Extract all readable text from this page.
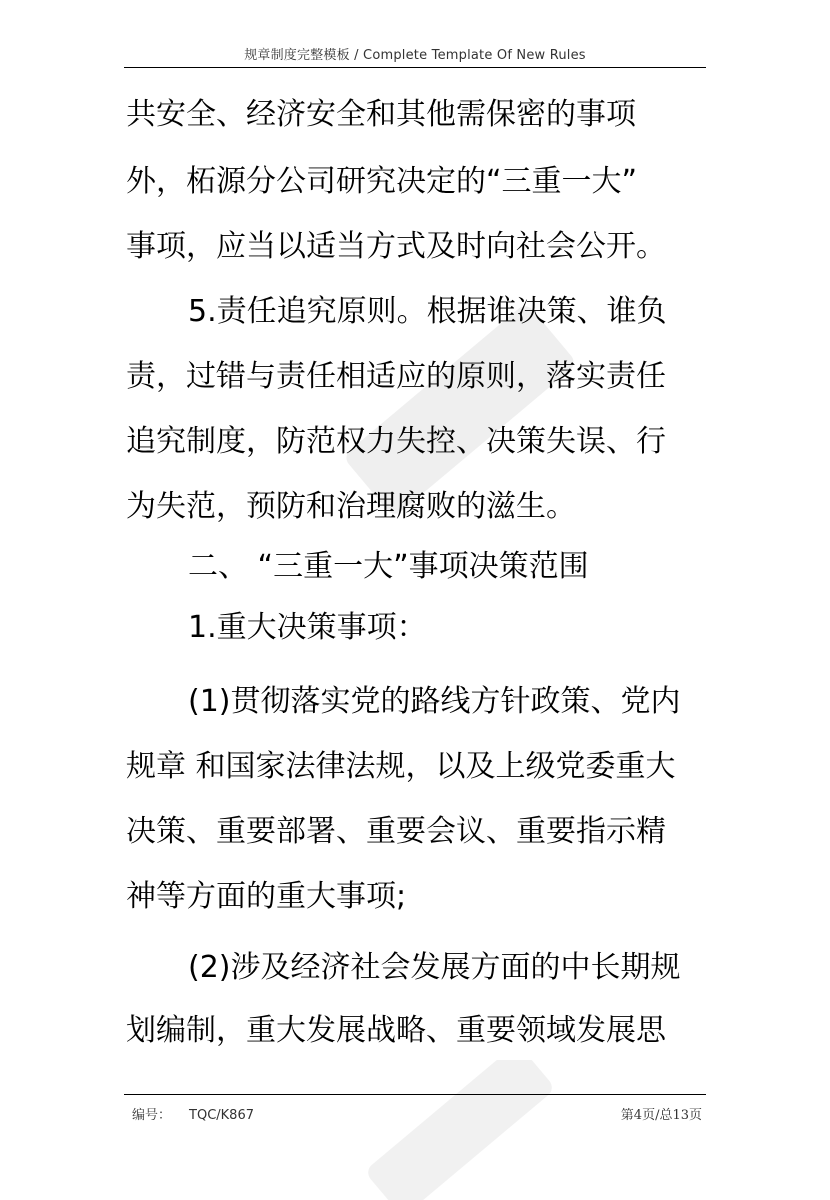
规章制度完整模板 / Complete Template Of New Rules
共安全、经济安全和其他需保密的事项
外，柘源分公司研究决定的“三重一大”
事项，应当以适当方式及时向社会公开。
5.责任追究原则。根据谁决策、谁负
责，过错与责任相适应的原则，落实责任
追究制度，防范权力失控、决策失误、行
为失范，预防和治理腐败的滋生。
二、 “三重一大”事项决策范围
1.重大决策事项：
(1)贯彻落实党的路线方针政策、党内
规章 和国家法律法规，以及上级党委重大
决策、重要部署、重要会议、重要指示精
神等方面的重大事项;
(2)涉及经济社会发展方面的中长期规
划编制，重大发展战略、重要领域发展思
编号： TQC/K867	第4页/总13页
